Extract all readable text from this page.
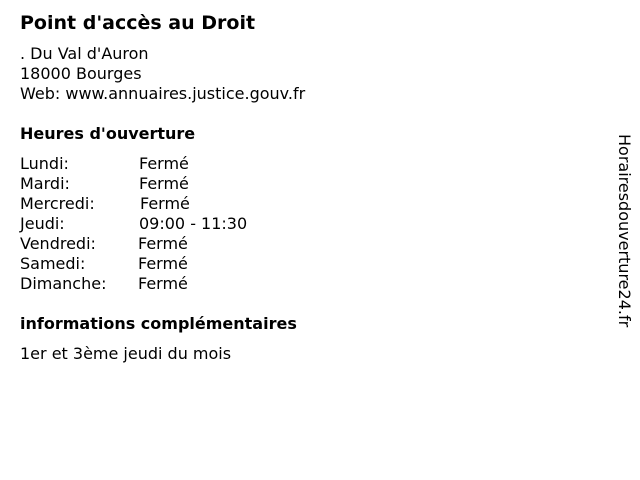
Point d'accès au Droit
. Du Val d'Auron
18000 Bourges
Web: www.annuaires.justice.gouv.fr
Heures d'ouverture
Lundi:	Fermé
Mardi:	Fermé
Mercredi:	Fermé
Jeudi:	09:00 - 11:30
Vendredi:	Fermé
Samedi:	Fermé
Dimanche: Fermé
informations complémentaires
1er et 3ème jeudi du mois
Horairesdouverture24.fr
